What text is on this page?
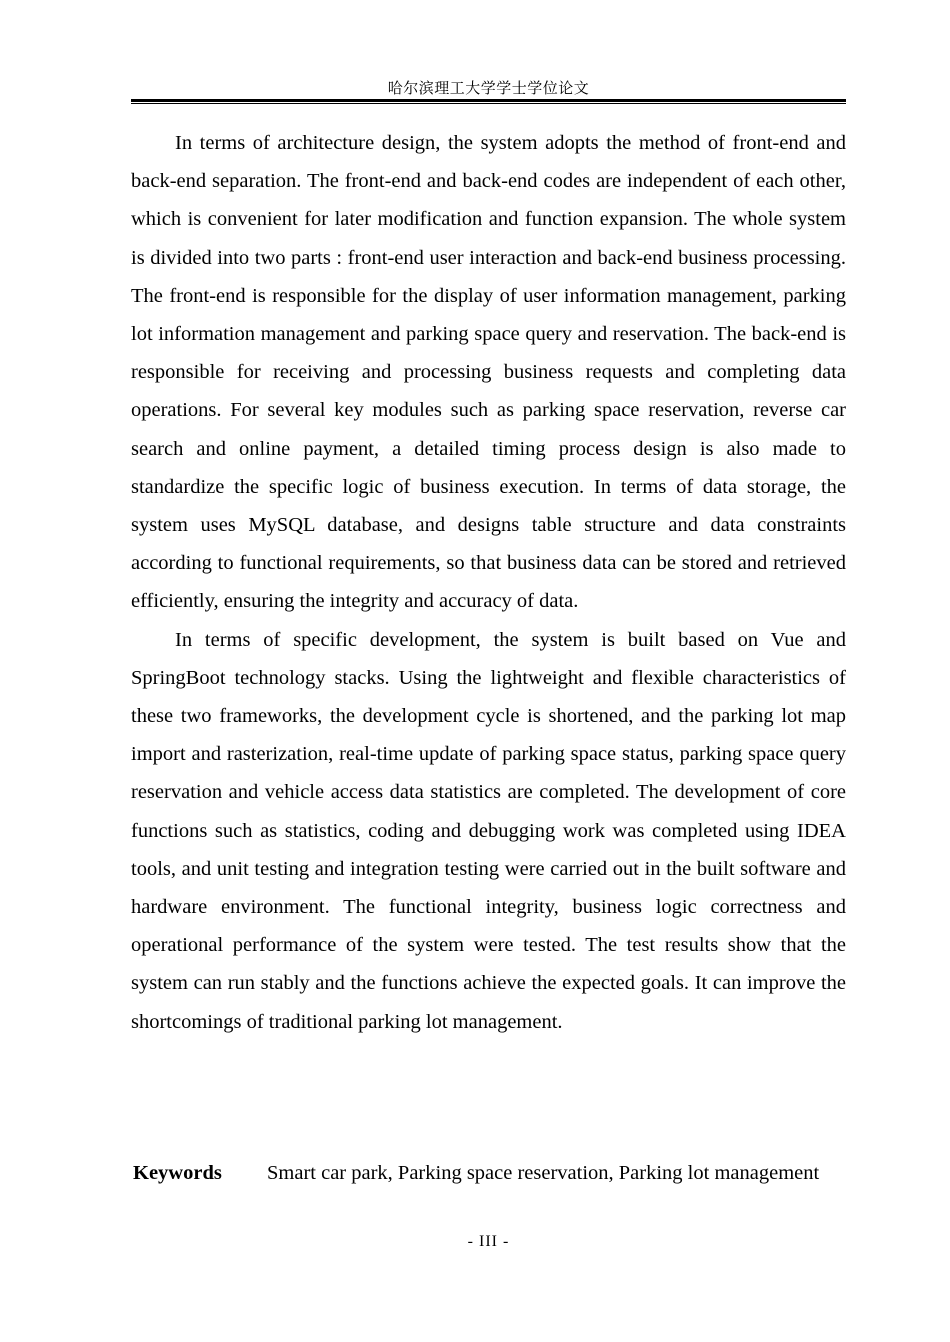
哈尔滨理工大学学士学位论文

In terms of architecture design, the system adopts the method of front-end and back-end separation. The front-end and back-end codes are independent of each other, which is convenient for later modification and function expansion. The whole system is divided into two parts : front-end user interaction and back-end business processing. The front-end is responsible for the display of user information management, parking lot information management and parking space query and reservation. The back-end is responsible for receiving and processing business requests and completing data operations. For several key modules such as parking space reservation, reverse car search and online payment, a detailed timing process design is also made to standardize the specific logic of business execution. In terms of data storage, the system uses MySQL database, and designs table structure and data constraints according to functional requirements, so that business data can be stored and retrieved efficiently, ensuring the integrity and accuracy of data.

In terms of specific development, the system is built based on Vue and SpringBoot technology stacks. Using the lightweight and flexible characteristics of these two frameworks, the development cycle is shortened, and the parking lot map import and rasterization, real-time update of parking space status, parking space query reservation and vehicle access data statistics are completed. The development of core functions such as statistics, coding and debugging work was completed using IDEA tools, and unit testing and integration testing were carried out in the built software and hardware environment. The functional integrity, business logic correctness and operational performance of the system were tested. The test results show that the system can run stably and the functions achieve the expected goals. It can improve the shortcomings of traditional parking lot management.

Keywords	Smart car park, Parking space reservation, Parking lot management

- III -
